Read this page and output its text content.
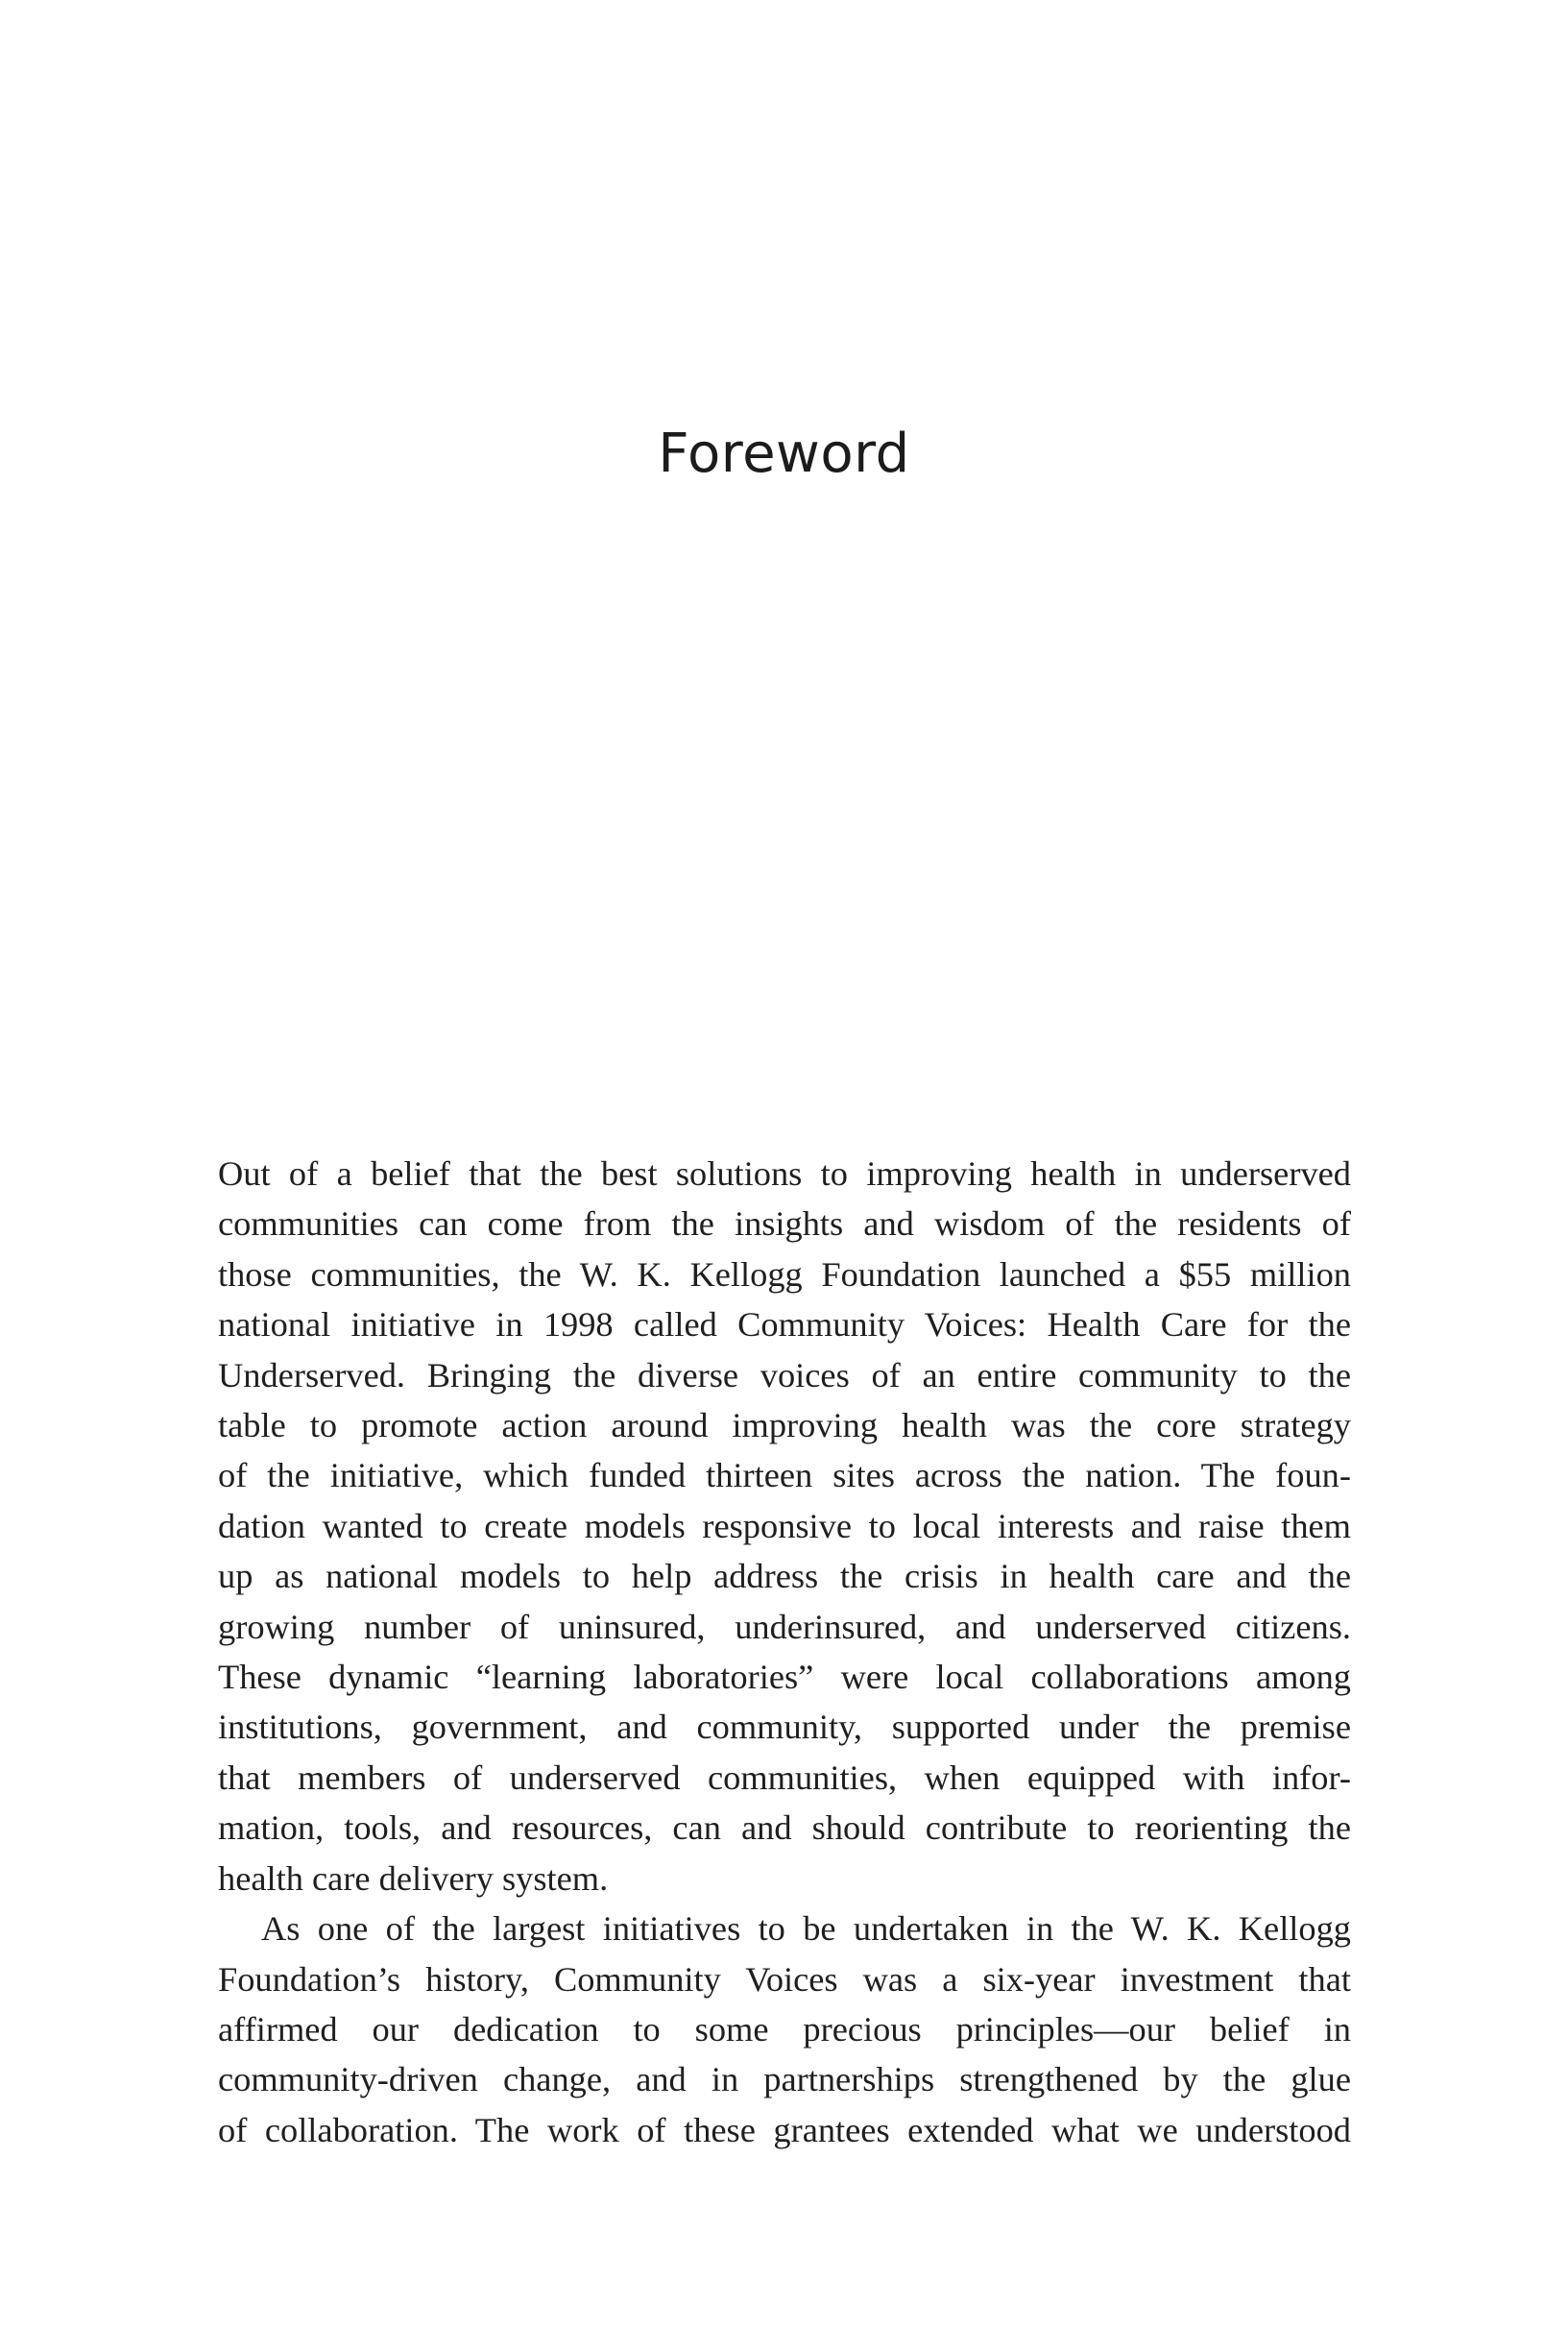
Foreword
Out of a belief that the best solutions to improving health in underserved
communities can come from the insights and wisdom of the residents of
those communities, the W. K. Kellogg Foundation launched a $55 million
national initiative in 1998 called Community Voices: Health Care for the
Underserved. Bringing the diverse voices of an entire community to the
table to promote action around improving health was the core strategy
of the initiative, which funded thirteen sites across the nation. The foun-
dation wanted to create models responsive to local interests and raise them
up as national models to help address the crisis in health care and the
growing number of uninsured, underinsured, and underserved citizens.
These dynamic “learning laboratories” were local collaborations among
institutions, government, and community, supported under the premise
that members of underserved communities, when equipped with infor-
mation, tools, and resources, can and should contribute to reorienting the
health care delivery system.
As one of the largest initiatives to be undertaken in the W. K. Kellogg
Foundation’s history, Community Voices was a six-year investment that
affirmed our dedication to some precious principles—our belief in
community-driven change, and in partnerships strengthened by the glue
of collaboration. The work of these grantees extended what we understood
